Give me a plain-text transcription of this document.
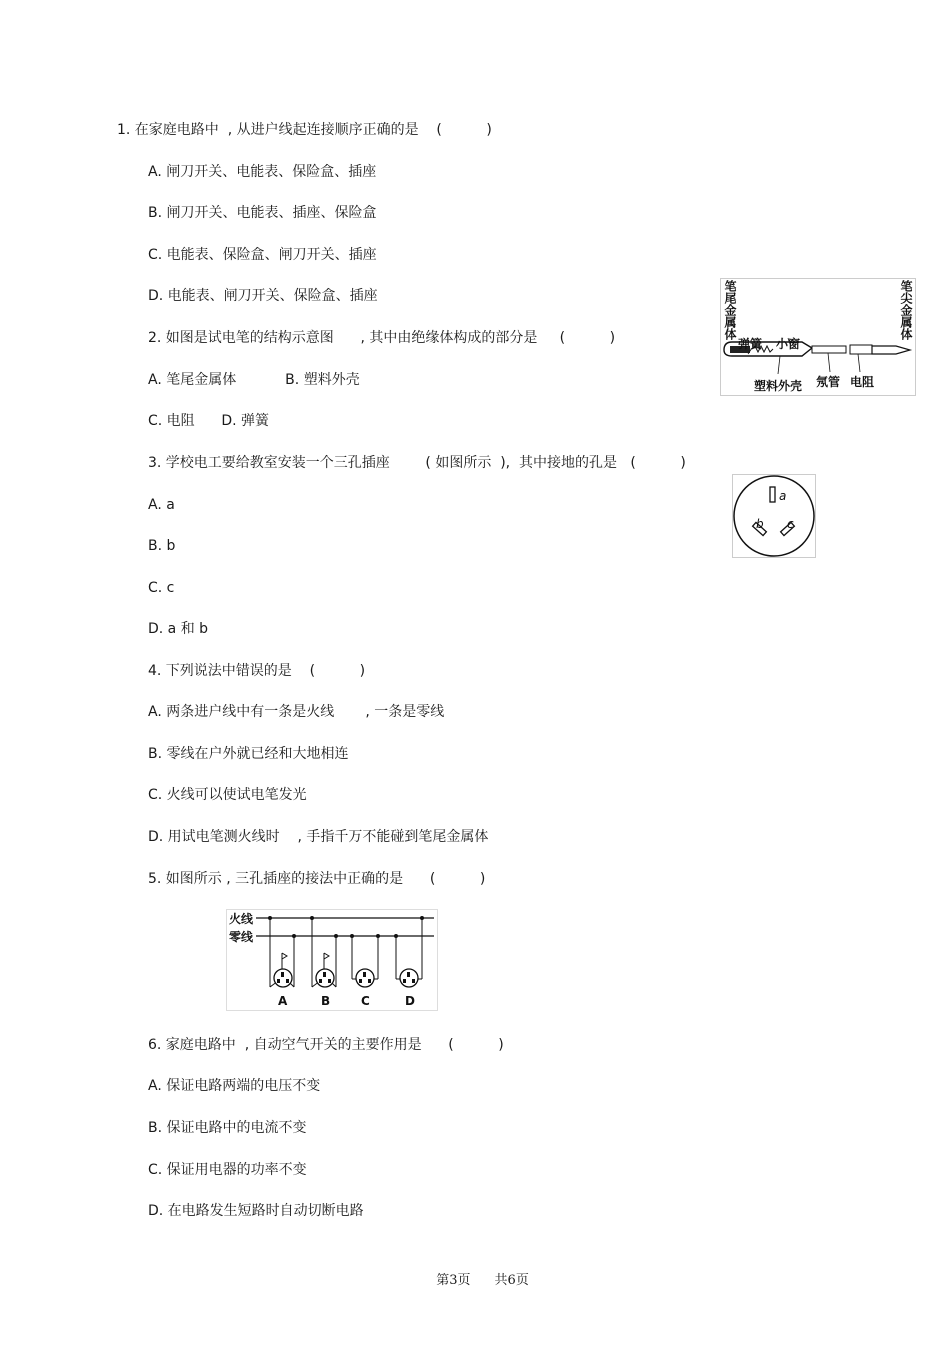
1. 在家庭电路中  , 从进户线起连接顺序正确的是    (          )
A. 闸刀开关、电能表、保险盒、插座
B. 闸刀开关、电能表、插座、保险盒
C. 电能表、保险盒、闸刀开关、插座
D. 电能表、闸刀开关、保险盒、插座
2. 如图是试电笔的结构示意图      , 其中由绝缘体构成的部分是     (          )
A. 笔尾金属体           B. 塑料外壳
C. 电阻      D. 弹簧
3. 学校电工要给教室安装一个三孔插座        ( 如图所示  ),  其中接地的孔是   (          )
A. a
B. b
C. c
D. a 和 b
4. 下列说法中错误的是    (          )
A. 两条进户线中有一条是火线       , 一条是零线
B. 零线在户外就已经和大地相连
C. 火线可以使试电笔发光
D. 用试电笔测火线时    , 手指千万不能碰到笔尾金属体
5. 如图所示 , 三孔插座的接法中正确的是      (          )
6. 家庭电路中  , 自动空气开关的主要作用是      (          )
A. 保证电路两端的电压不变
B. 保证电路中的电流不变
C. 保证用电器的功率不变
D. 在电路发生短路时自动切断电路
笔尾金属体	笔尖金属体
弹簧 小窗
塑料外壳 氖管 电阻
a
b c
火线
零线
A	B	C	D

第3页 共6页
